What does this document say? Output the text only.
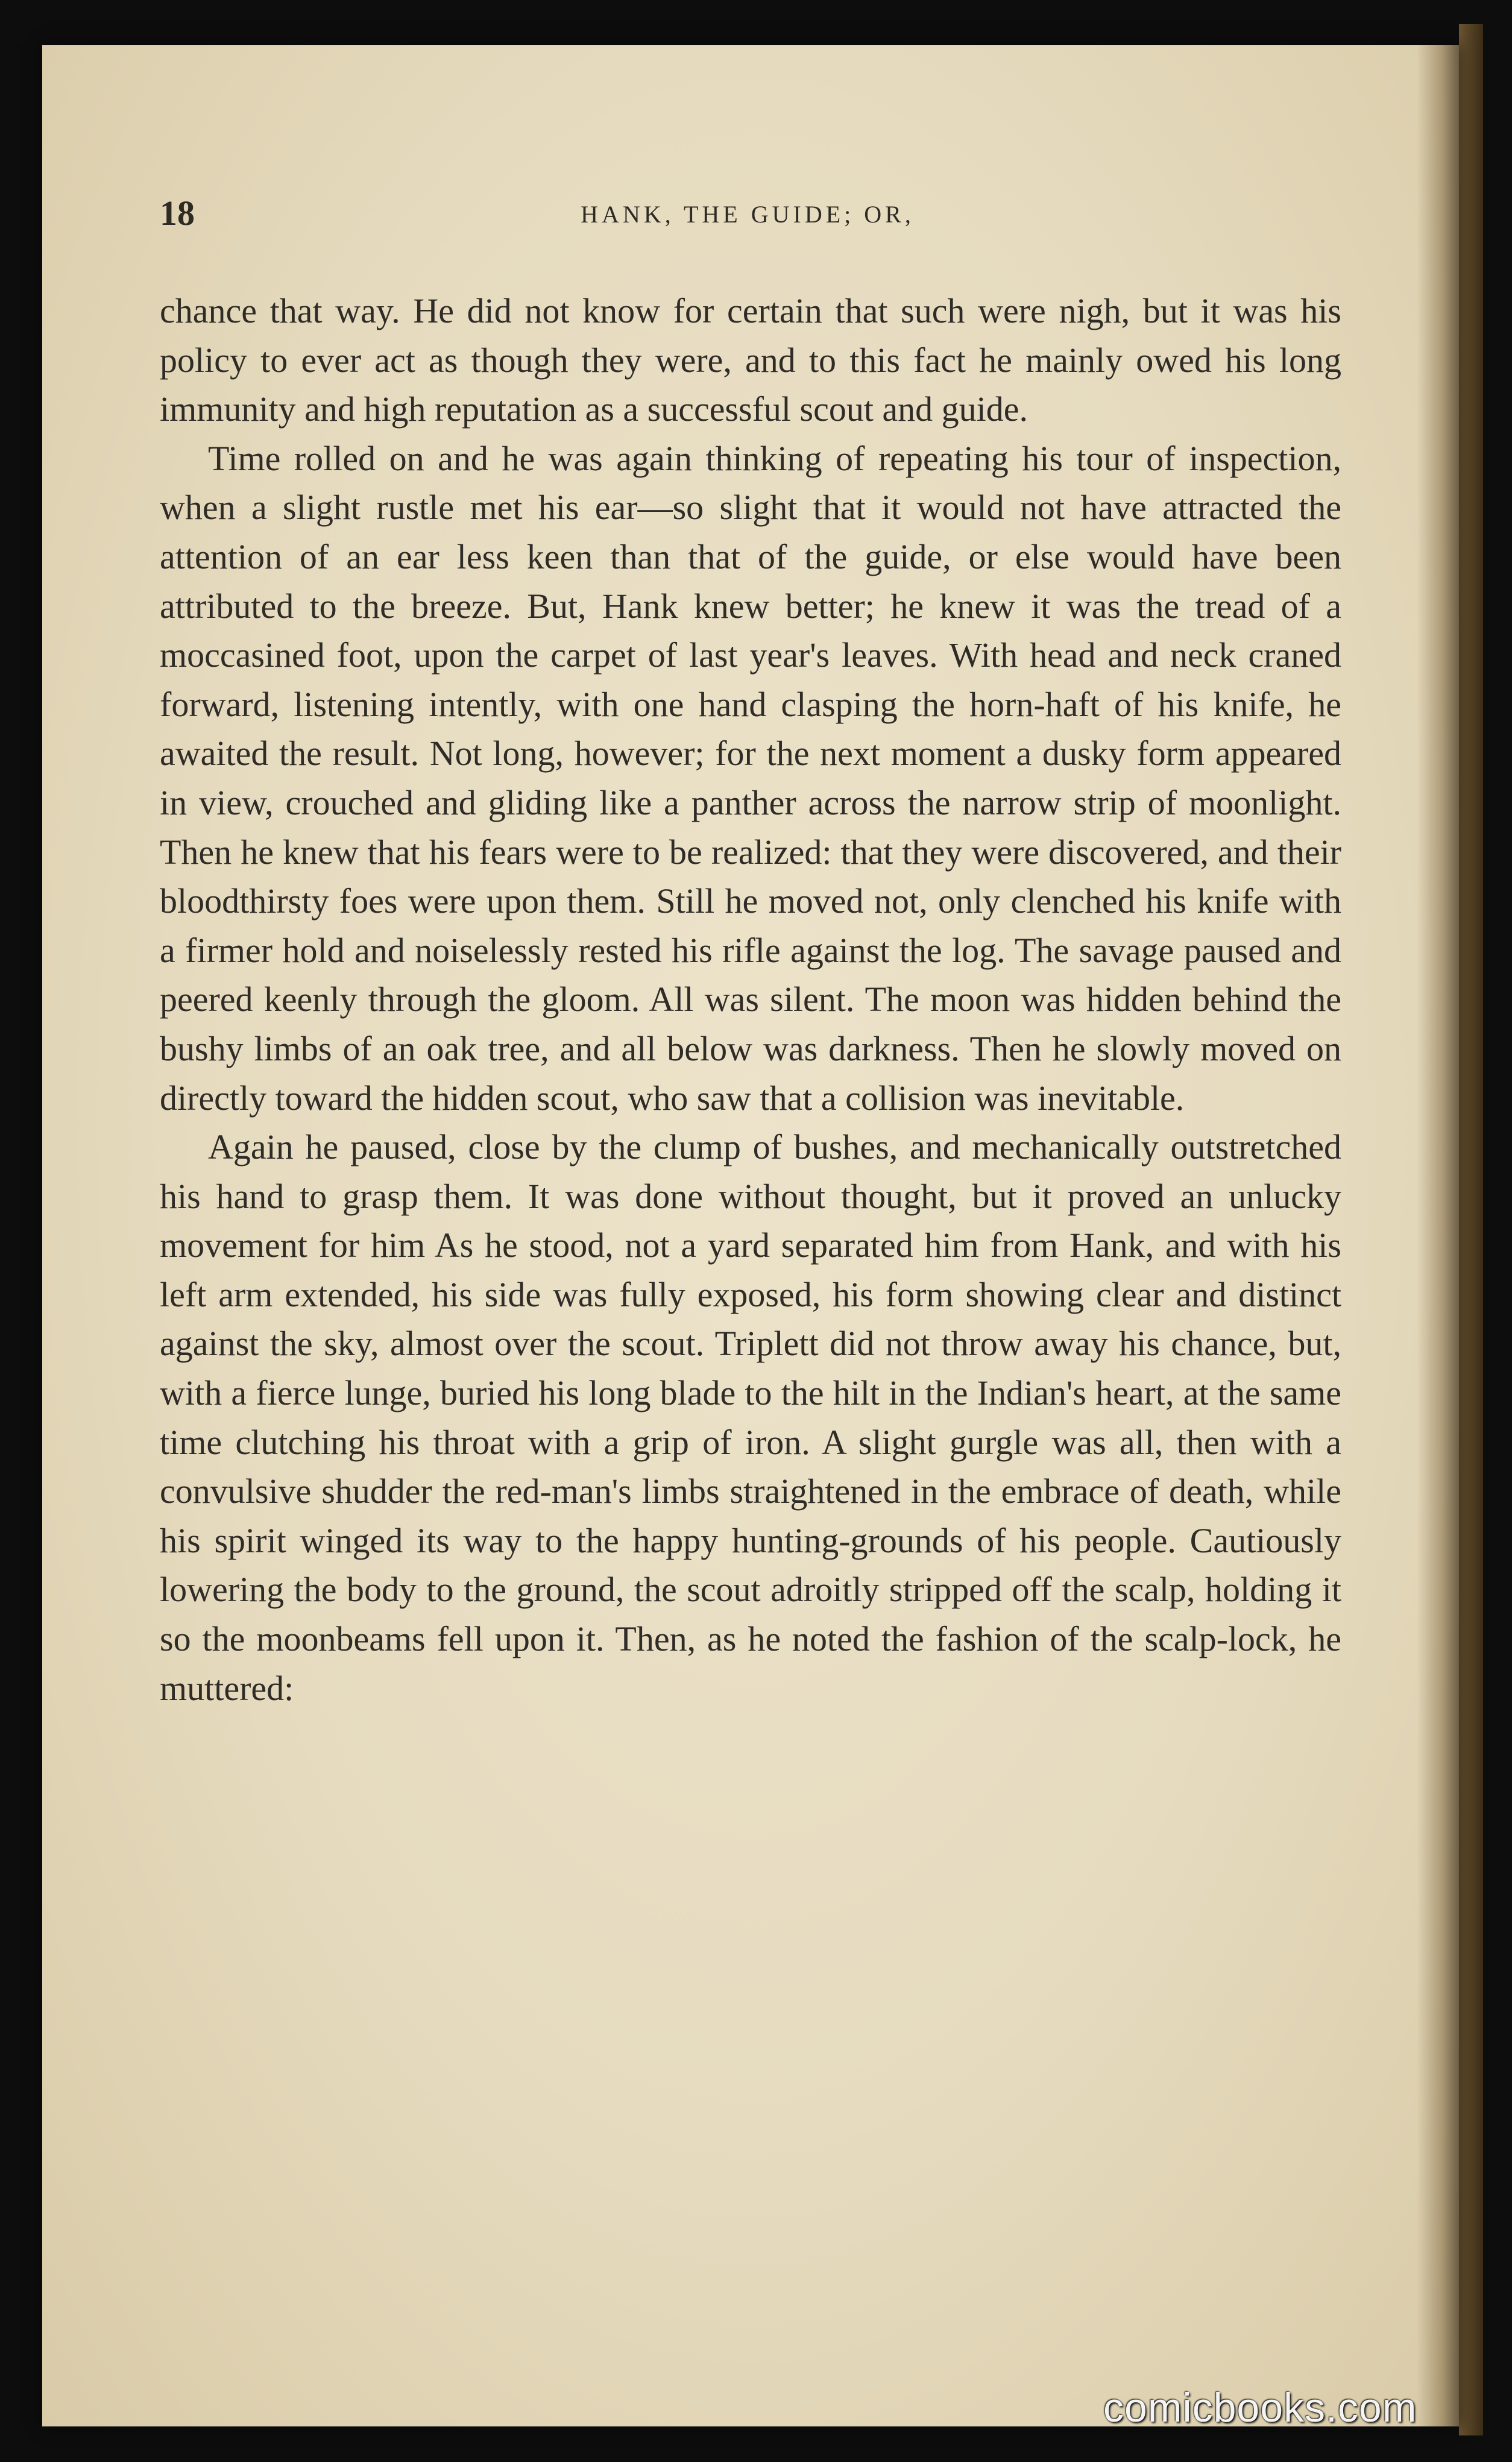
18	HANK, THE GUIDE; OR,

chance that way. He did not know for certain that such were nigh, but it was his policy to ever act as though they were, and to this fact he mainly owed his long immunity and high reputation as a successful scout and guide.

Time rolled on and he was again thinking of repeating his tour of inspection, when a slight rustle met his ear—so slight that it would not have attracted the attention of an ear less keen than that of the guide, or else would have been attributed to the breeze. But, Hank knew better; he knew it was the tread of a moccasined foot, upon the carpet of last year's leaves. With head and neck craned forward, listening intently, with one hand clasping the horn-haft of his knife, he awaited the result. Not long, however; for the next moment a dusky form appeared in view, crouched and gliding like a panther across the narrow strip of moonlight. Then he knew that his fears were to be realized: that they were discovered, and their bloodthirsty foes were upon them. Still he moved not, only clenched his knife with a firmer hold and noiselessly rested his rifle against the log. The savage paused and peered keenly through the gloom. All was silent. The moon was hidden behind the bushy limbs of an oak tree, and all below was darkness. Then he slowly moved on directly toward the hidden scout, who saw that a collision was inevitable.

Again he paused, close by the clump of bushes, and mechanically outstretched his hand to grasp them. It was done without thought, but it proved an unlucky movement for him As he stood, not a yard separated him from Hank, and with his left arm extended, his side was fully exposed, his form showing clear and distinct against the sky, almost over the scout. Triplett did not throw away his chance, but, with a fierce lunge, buried his long blade to the hilt in the Indian's heart, at the same time clutching his throat with a grip of iron. A slight gurgle was all, then with a convulsive shudder the red-man's limbs straightened in the embrace of death, while his spirit winged its way to the happy hunting-grounds of his people. Cautiously lowering the body to the ground, the scout adroitly stripped off the scalp, holding it so the moonbeams fell upon it. Then, as he noted the fashion of the scalp-lock, he muttered:

comicbooks.com
